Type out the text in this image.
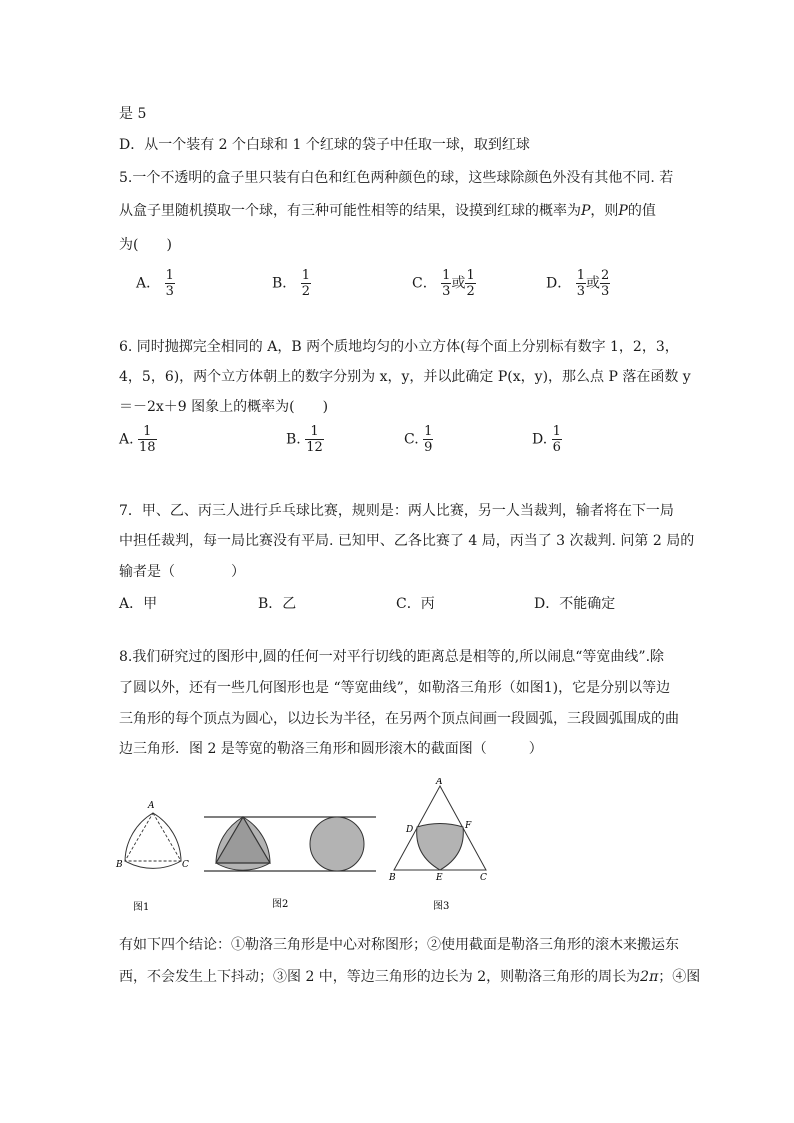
是 5
D．从一个装有 2 个白球和 1 个红球的袋子中任取一球，取到红球
5.一个不透明的盒子里只装有白色和红色两种颜色的球，这些球除颜色外没有其他不同. 若
从盒子里随机摸取一个球，有三种可能性相等的结果，设摸到红球的概率为P，则P的值
为(　　)
A． $\frac{1}{3}$	B． $\frac{1}{2}$	C． $\frac{1}{3}$ 或 $\frac{1}{2}$	D． $\frac{1}{3}$ 或 $\frac{2}{3}$
6. 同时抛掷完全相同的 A，B 两个质地均匀的小立方体(每个面上分别标有数字 1，2，3，
4，5，6)，两个立方体朝上的数字分别为 x，y，并以此确定 P(x，y)，那么点 P 落在函数 y
＝－2x＋9 图象上的概率为(　　)
A. $\frac{1}{18}$	B. $\frac{1}{12}$	C. $\frac{1}{9}$	D. $\frac{1}{6}$
7．甲、乙、丙三人进行乒乓球比赛，规则是：两人比赛，另一人当裁判，输者将在下一局
中担任裁判，每一局比赛没有平局. 已知甲、乙各比赛了 4 局，丙当了 3 次裁判. 问第 2 局的
输者是（　　　　）
A．甲	B．乙	C．丙	D．不能确定
8.我们研究过的图形中,圆的任何一对平行切线的距离总是相等的,所以闹息“等宽曲线”.除
了圆以外，还有一些几何图形也是 “等宽曲线”，如勒洛三角形（如图1)，它是分别以等边
三角形的每个顶点为圆心，以边长为半径，在另两个顶点间画一段圆弧，三段圆弧围成的曲
边三角形．图 2 是等宽的勒洛三角形和圆形滚木的截面图（　　　）
A
B	C
图1	图2
A
B	C
D
E
F
图3
有如下四个结论：①勒洛三角形是中心对称图形；②使用截面是勒洛三角形的滚木来搬运东
西，不会发生上下抖动；③图 2 中，等边三角形的边长为 2，则勒洛三角形的周长为2π；④图
